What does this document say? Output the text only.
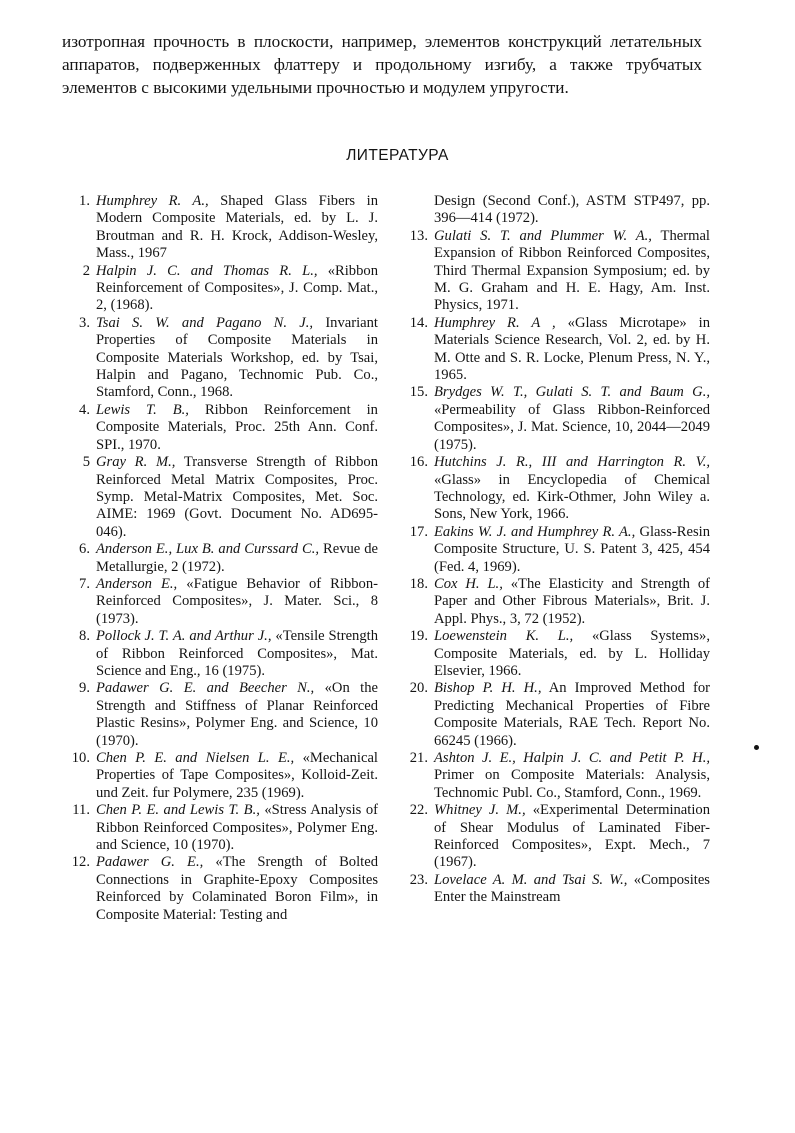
изотропная прочность в плоскости, например, элементов конструкций летательных аппаратов, подверженных флаттеру и продольному изгибу, а также трубчатых элементов с высокими удельными прочностью и модулем упругости.
ЛИТЕРАТУРА

1. Humphrey R. A., Shaped Glass Fibers in Modern Composite Materials, ed. by L. J. Broutman and R. H. Krock, Addison-Wesley, Mass., 1967

2 Halpin J. C. and Thomas R. L., «Ribbon Reinforcement of Composites», J. Comp. Mat., 2, (1968).

3. Tsai S. W. and Pagano N. J., Invariant Properties of Composite Materials in Composite Materials Workshop, ed. by Tsai, Halpin and Pagano, Technomic Pub. Co., Stamford, Conn., 1968.

4. Lewis T. B., Ribbon Reinforcement in Composite Materials, Proc. 25th Ann. Conf. SPI., 1970.

5 Gray R. M., Transverse Strength of Ribbon Reinforced Metal Matrix Composites, Proc. Symp. Metal-Matrix Composites, Met. Soc. AIME: 1969 (Govt. Document No. AD695-046).

6. Anderson E., Lux B. and Curssard C., Revue de Metallurgie, 2 (1972).

7. Anderson E., «Fatigue Behavior of Ribbon-Reinforced Composites», J. Mater. Sci., 8 (1973).

8. Pollock J. T. A. and Arthur J., «Tensile Strength of Ribbon Reinforced Composites», Mat. Science and Eng., 16 (1975).

9. Padawer G. E. and Beecher N., «On the Strength and Stiffness of Planar Reinforced Plastic Resins», Polymer Eng. and Science, 10 (1970).

10. Chen P. E. and Nielsen L. E., «Mechanical Properties of Tape Composites», Kolloid-Zeit. und Zeit. fur Polymere, 235 (1969).

11. Chen P. E. and Lewis T. B., «Stress Analysis of Ribbon Reinforced Composites», Polymer Eng. and Science, 10 (1970).

12. Padawer G. E., «The Srength of Bolted Connections in Graphite-Epoxy Composites Reinforced by Colaminated Boron Film», in Composite Material: Testing and

Design (Second Conf.), ASTM STP497, pp. 396—414 (1972).

13. Gulati S. T. and Plummer W. A., Thermal Expansion of Ribbon Reinforced Composites, Third Thermal Expansion Symposium; ed. by M. G. Graham and H. E. Hagy, Am. Inst. Physics, 1971.

14. Humphrey R. A , «Glass Microtape» in Materials Science Research, Vol. 2, ed. by H. M. Otte and S. R. Locke, Plenum Press, N. Y., 1965.

15. Brydges W. T., Gulati S. T. and Baum G., «Permeability of Glass Ribbon-Reinforced Composites», J. Mat. Science, 10, 2044—2049 (1975).

16. Hutchins J. R., III and Harrington R. V., «Glass» in Encyclopedia of Chemical Technology, ed. Kirk-Othmer, John Wiley a. Sons, New York, 1966.

17. Eakins W. J. and Humphrey R. A., Glass-Resin Composite Structure, U. S. Patent 3, 425, 454 (Fed. 4, 1969).

18. Cox H. L., «The Elasticity and Strength of Paper and Other Fibrous Materials», Brit. J. Appl. Phys., 3, 72 (1952).

19. Loewenstein K. L., «Glass Systems», Composite Materials, ed. by L. Holliday Elsevier, 1966.

20. Bishop P. H. H., An Improved Method for Predicting Mechanical Properties of Fibre Composite Materials, RAE Tech. Report No. 66245 (1966).

21. Ashton J. E., Halpin J. C. and Petit P. H., Primer on Composite Materials: Analysis, Technomic Publ. Co., Stamford, Conn., 1969.

22. Whitney J. M., «Experimental Determination of Shear Modulus of Laminated Fiber-Reinforced Composites», Expt. Mech., 7 (1967).

23. Lovelace A. M. and Tsai S. W., «Composites Enter the Mainstream
